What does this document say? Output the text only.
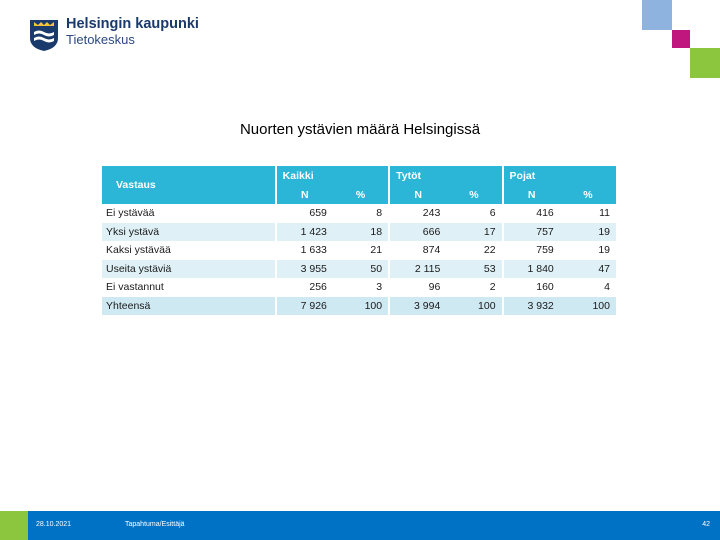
Helsingin kaupunki
Tietokeskus
Nuorten ystävien määrä Helsingissä
Vastaus	Kaikki		Tytöt		Pojat	
	N	%	N	%	N	%
Ei ystävää	659	8	243	6	416	11
Yksi ystävä	1 423	18	666	17	757	19
Kaksi ystävää	1 633	21	874	22	759	19
Useita ystäviä	3 955	50	2 115	53	1 840	47
Ei vastannut	256	3	96	2	160	4
Yhteensä	7 926	100	3 994	100	3 932	100
28.10.2021	Tapahtuma/Esittäjä	42
